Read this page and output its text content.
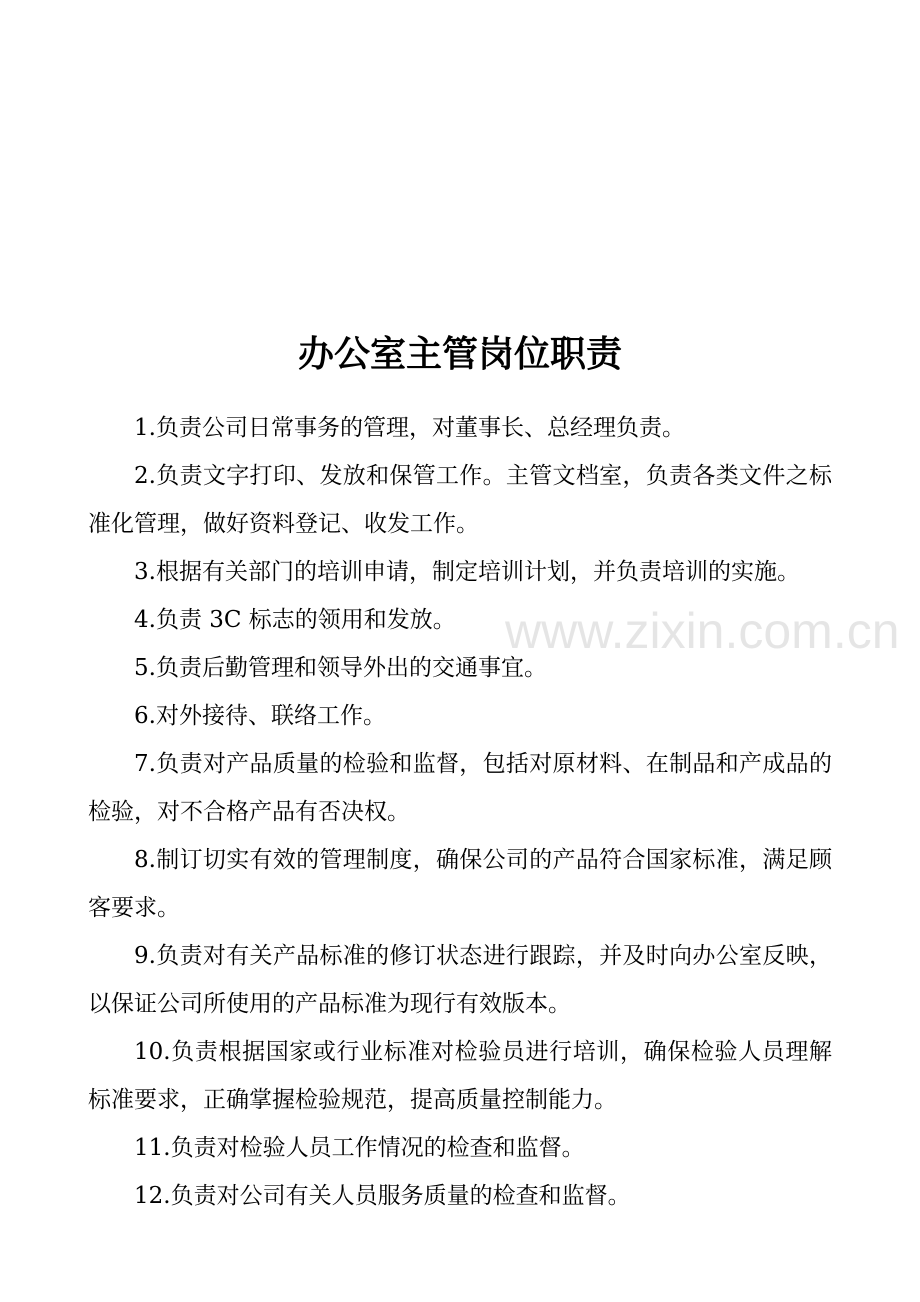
办公室主管岗位职责

1.负责公司日常事务的管理，对董事长、总经理负责。

2.负责文字打印、发放和保管工作。主管文档室，负责各类文件之标准化管理，做好资料登记、收发工作。

3.根据有关部门的培训申请，制定培训计划，并负责培训的实施。

4.负责 3C 标志的领用和发放。

5.负责后勤管理和领导外出的交通事宜。

6.对外接待、联络工作。

7.负责对产品质量的检验和监督，包括对原材料、在制品和产成品的检验，对不合格产品有否决权。

8.制订切实有效的管理制度，确保公司的产品符合国家标准，满足顾客要求。

9.负责对有关产品标准的修订状态进行跟踪，并及时向办公室反映，以保证公司所使用的产品标准为现行有效版本。

10.负责根据国家或行业标准对检验员进行培训，确保检验人员理解标准要求，正确掌握检验规范，提高质量控制能力。

11.负责对检验人员工作情况的检查和监督。

12.负责对公司有关人员服务质量的检查和监督。

www.zixin.com.cn
